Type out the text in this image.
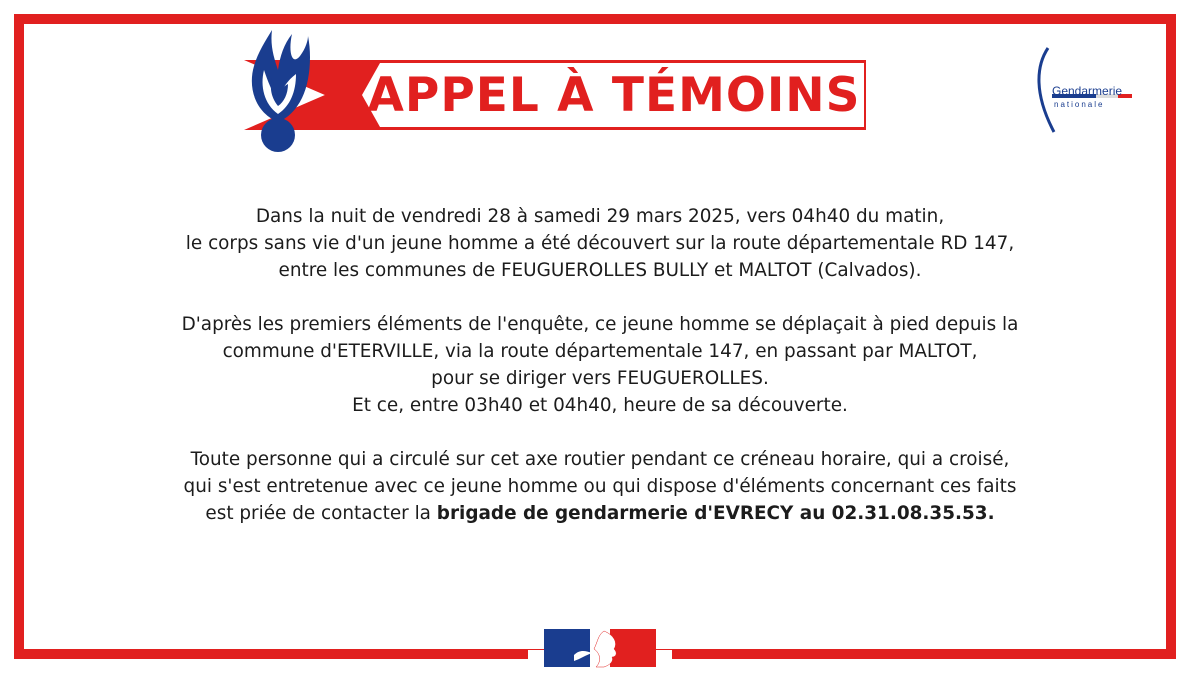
APPEL À TÉMOINS	Gendarmerie
nationale

Dans la nuit de vendredi 28 à samedi 29 mars 2025, vers 04h40 du matin,
le corps sans vie d'un jeune homme a été découvert sur la route départementale RD 147,
entre les communes de FEUGUEROLLES BULLY et MALTOT (Calvados).

D'après les premiers éléments de l'enquête, ce jeune homme se déplaçait à pied depuis la
commune d'ETERVILLE, via la route départementale 147, en passant par MALTOT,
pour se diriger vers FEUGUEROLLES.
Et ce, entre 03h40 et 04h40, heure de sa découverte.

Toute personne qui a circulé sur cet axe routier pendant ce créneau horaire, qui a croisé,
qui s'est entretenue avec ce jeune homme ou qui dispose d'éléments concernant ces faits
est priée de contacter la brigade de gendarmerie d'EVRECY au 02.31.08.35.53.
